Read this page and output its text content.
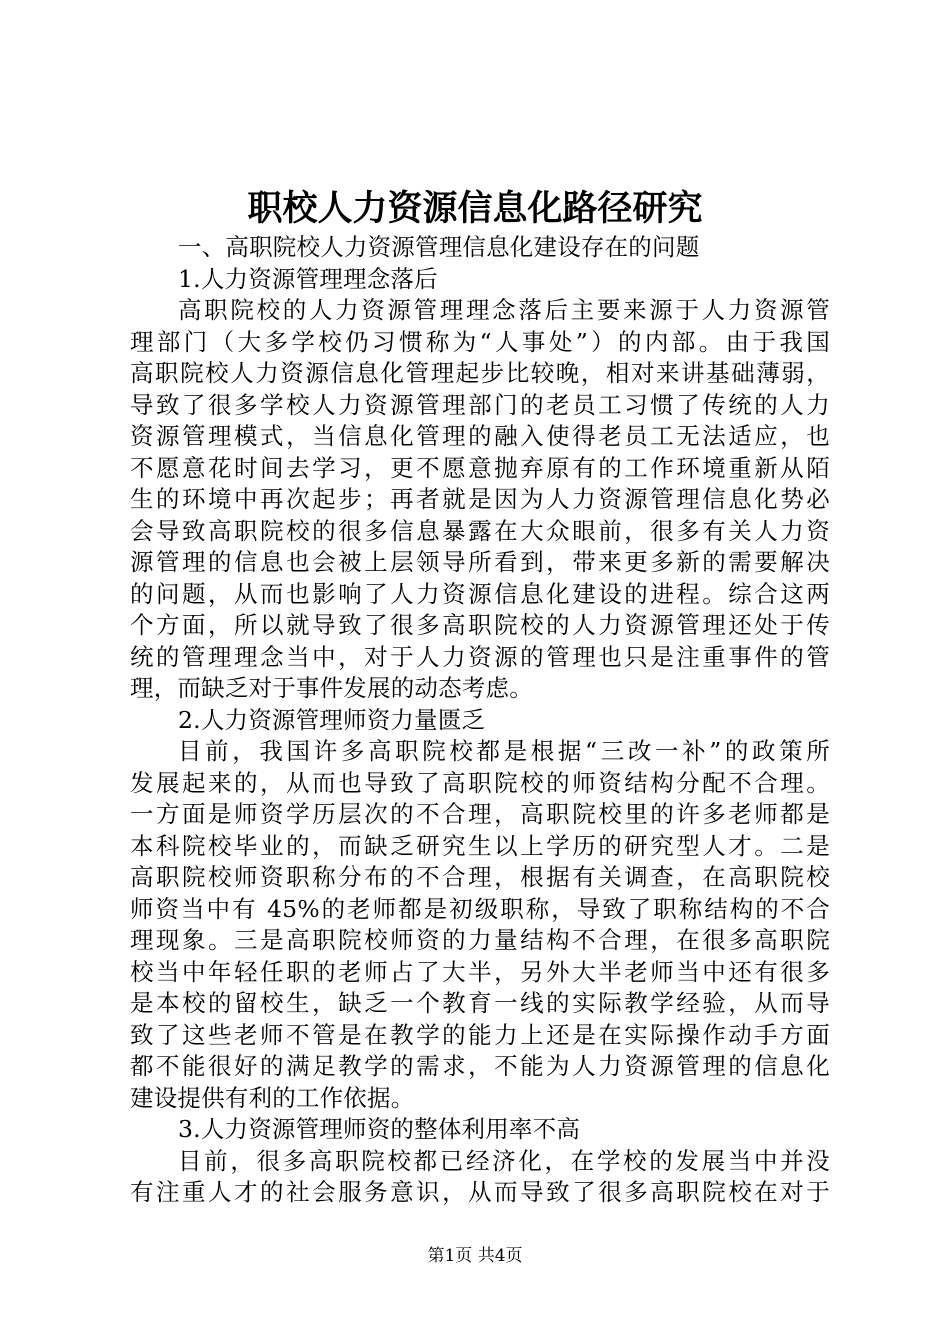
职校人力资源信息化路径研究

一、高职院校人力资源管理信息化建设存在的问题

1.人力资源管理理念落后

高职院校的人力资源管理理念落后主要来源于人力资源管

理部门（大多学校仍习惯称为“人事处”）的内部。由于我国

高职院校人力资源信息化管理起步比较晚，相对来讲基础薄弱，

导致了很多学校人力资源管理部门的老员工习惯了传统的人力

资源管理模式，当信息化管理的融入使得老员工无法适应，也

不愿意花时间去学习，更不愿意抛弃原有的工作环境重新从陌

生的环境中再次起步；再者就是因为人力资源管理信息化势必

会导致高职院校的很多信息暴露在大众眼前，很多有关人力资

源管理的信息也会被上层领导所看到，带来更多新的需要解决

的问题，从而也影响了人力资源信息化建设的进程。综合这两

个方面，所以就导致了很多高职院校的人力资源管理还处于传

统的管理理念当中，对于人力资源的管理也只是注重事件的管

理，而缺乏对于事件发展的动态考虑。

2.人力资源管理师资力量匮乏

目前，我国许多高职院校都是根据“三改一补”的政策所

发展起来的，从而也导致了高职院校的师资结构分配不合理。

一方面是师资学历层次的不合理，高职院校里的许多老师都是

本科院校毕业的，而缺乏研究生以上学历的研究型人才。二是

高职院校师资职称分布的不合理，根据有关调查，在高职院校

师资当中有 45%的老师都是初级职称，导致了职称结构的不合

理现象。三是高职院校师资的力量结构不合理，在很多高职院

校当中年轻任职的老师占了大半，另外大半老师当中还有很多

是本校的留校生，缺乏一个教育一线的实际教学经验，从而导

致了这些老师不管是在教学的能力上还是在实际操作动手方面

都不能很好的满足教学的需求，不能为人力资源管理的信息化

建设提供有利的工作依据。

3.人力资源管理师资的整体利用率不高

目前，很多高职院校都已经济化，在学校的发展当中并没

有注重人才的社会服务意识，从而导致了很多高职院校在对于

第1页 共4页
